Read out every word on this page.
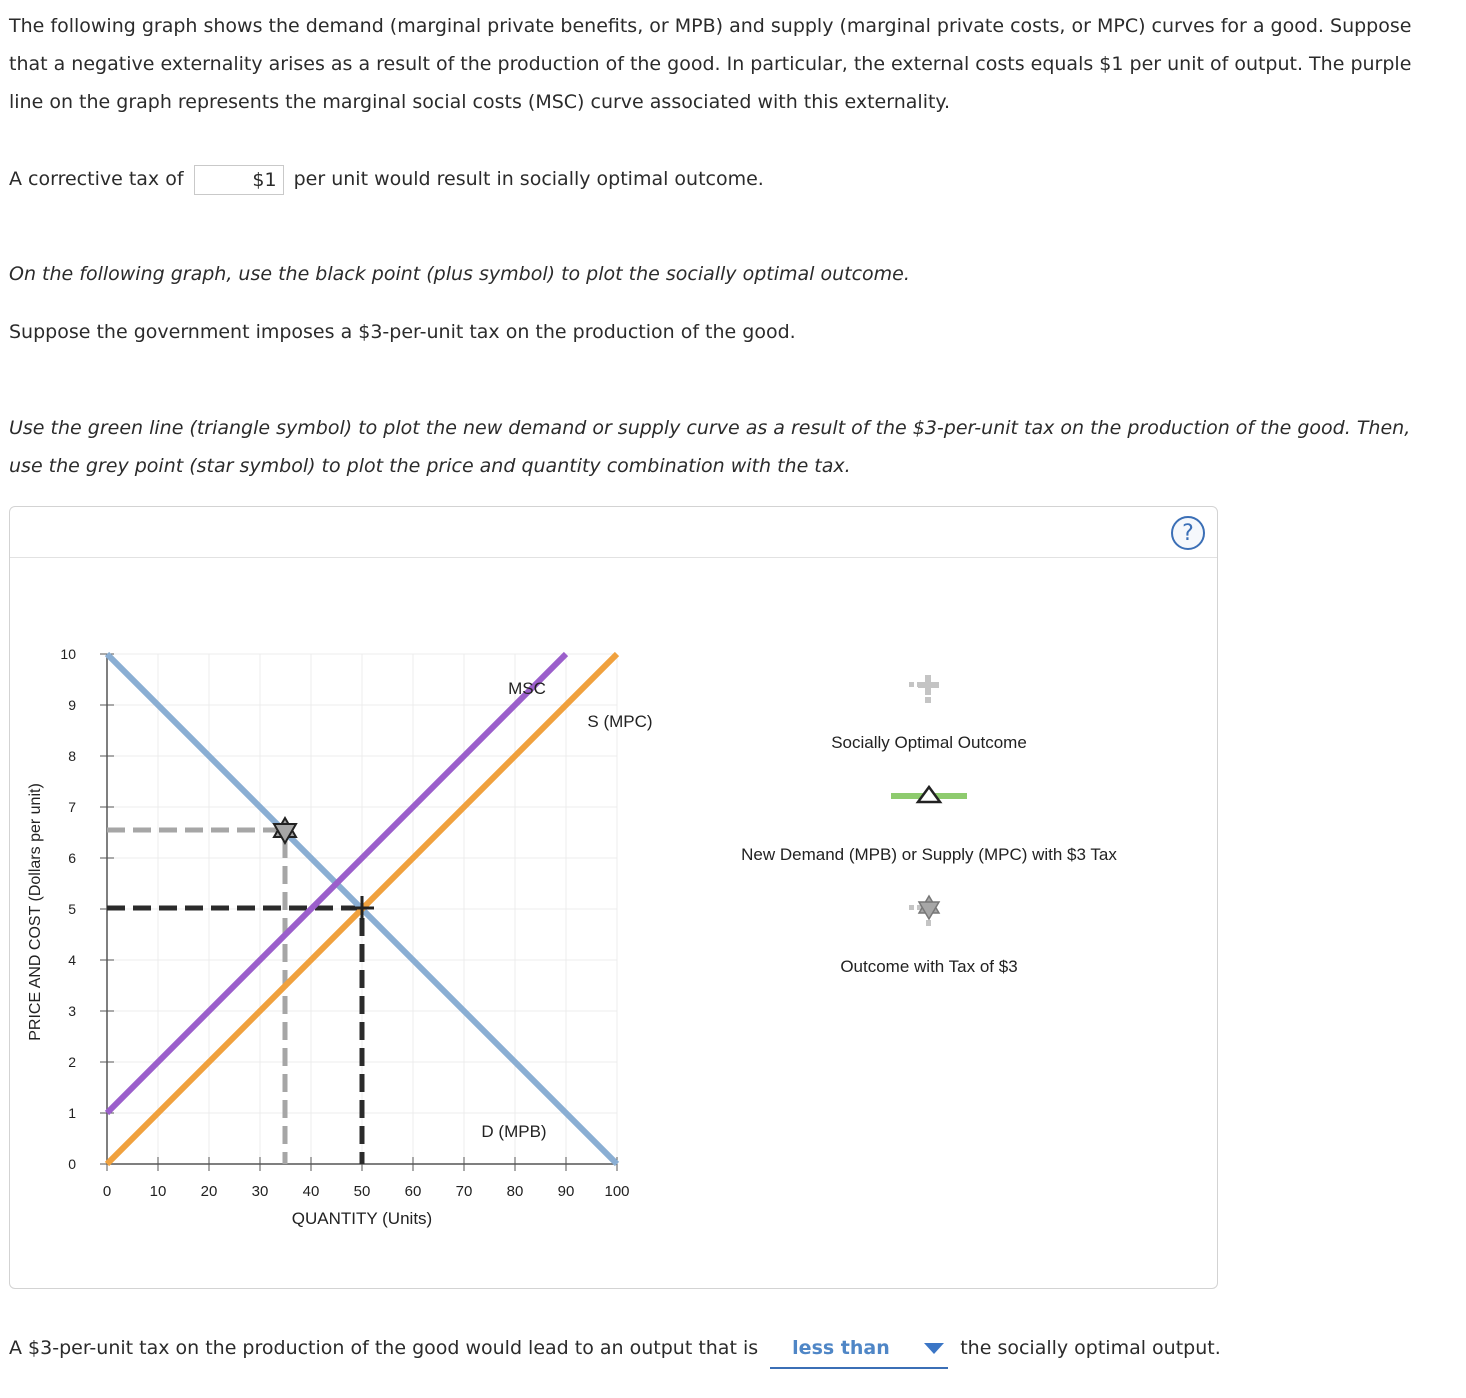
The following graph shows the demand (marginal private benefits, or MPB) and supply (marginal private costs, or MPC) curves for a good. Suppose that a negative externality arises as a result of the production of the good. In particular, the external costs equals $1 per unit of output. The purple line on the graph represents the marginal social costs (MSC) curve associated with this externality.
A corrective tax of	$1 per unit would result in socially optimal outcome.
On the following graph, use the black point (plus symbol) to plot the socially optimal outcome.
Suppose the government imposes a $3-per-unit tax on the production of the good.
Use the green line (triangle symbol) to plot the new demand or supply curve as a result of the $3-per-unit tax on the production of the good. Then, use the grey point (star symbol) to plot the price and quantity combination with the tax.
?
0	10 20 30 40 50 60 70 80 90 100
0
1
2
3
4
5
6
7
8
9
10
PRICE AND COST (Dollars per unit)
QUANTITY (Units)
MSC
S (MPC)
D (MPB)
Socially Optimal Outcome
New Demand (MPB) or Supply (MPC) with $3 Tax
Outcome with Tax of $3
A $3-per-unit tax on the production of the good would lead to an output that is less than	the socially optimal output.
